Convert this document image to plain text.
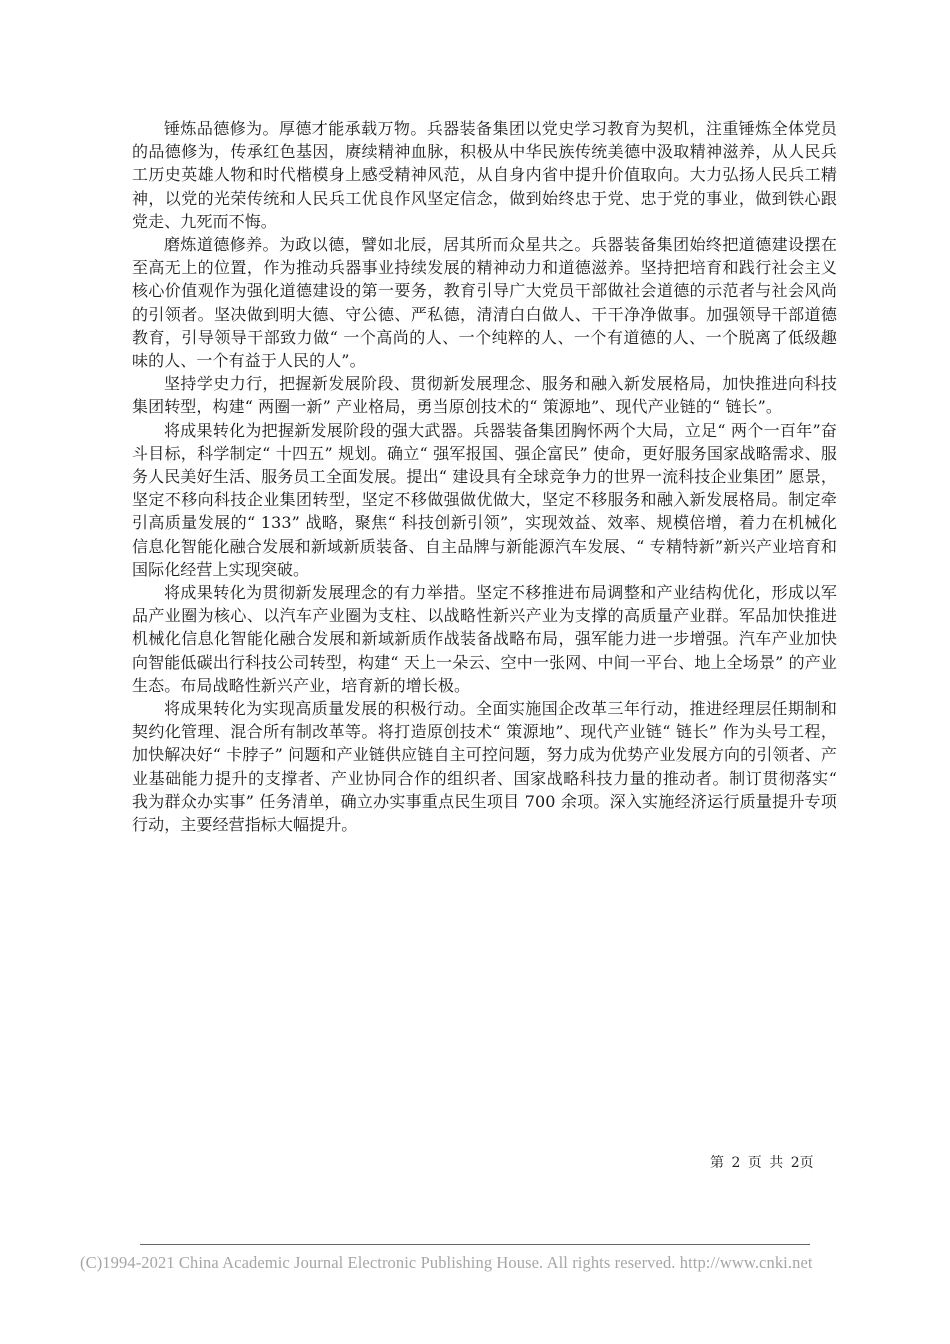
锤炼品德修为。厚德才能承载万物。兵器装备集团以党史学习教育为契机，注重锤炼全体党员的品德修为，传承红色基因，赓续精神血脉，积极从中华民族传统美德中汲取精神滋养，从人民兵工历史英雄人物和时代楷模身上感受精神风范，从自身内省中提升价值取向。大力弘扬人民兵工精神，以党的光荣传统和人民兵工优良作风坚定信念，做到始终忠于党、忠于党的事业，做到铁心跟党走、九死而不悔。

磨炼道德修养。为政以德，譬如北辰，居其所而众星共之。兵器装备集团始终把道德建设摆在至高无上的位置，作为推动兵器事业持续发展的精神动力和道德滋养。坚持把培育和践行社会主义核心价值观作为强化道德建设的第一要务，教育引导广大党员干部做社会道德的示范者与社会风尚的引领者。坚决做到明大德、守公德、严私德，清清白白做人、干干净净做事。加强领导干部道德教育，引导领导干部致力做“ 一个高尚的人、一个纯粹的人、一个有道德的人、一个脱离了低级趣味的人、一个有益于人民的人”。

坚持学史力行，把握新发展阶段、贯彻新发展理念、服务和融入新发展格局，加快推进向科技集团转型，构建“ 两圈一新” 产业格局，勇当原创技术的“ 策源地”、现代产业链的“ 链长”。

将成果转化为把握新发展阶段的强大武器。兵器装备集团胸怀两个大局，立足“ 两个一百年”奋斗目标，科学制定“ 十四五” 规划。确立“ 强军报国、强企富民” 使命，更好服务国家战略需求、服务人民美好生活、服务员工全面发展。提出“ 建设具有全球竞争力的世界一流科技企业集团” 愿景，坚定不移向科技企业集团转型，坚定不移做强做优做大，坚定不移服务和融入新发展格局。制定牵引高质量发展的“ 133” 战略，聚焦“ 科技创新引领”，实现效益、效率、规模倍增，着力在机械化信息化智能化融合发展和新域新质装备、自主品牌与新能源汽车发展、“ 专精特新”新兴产业培育和国际化经营上实现突破。

将成果转化为贯彻新发展理念的有力举措。坚定不移推进布局调整和产业结构优化，形成以军品产业圈为核心、以汽车产业圈为支柱、以战略性新兴产业为支撑的高质量产业群。军品加快推进机械化信息化智能化融合发展和新域新质作战装备战略布局，强军能力进一步增强。汽车产业加快向智能低碳出行科技公司转型，构建“ 天上一朵云、空中一张网、中间一平台、地上全场景” 的产业生态。布局战略性新兴产业，培育新的增长极。

将成果转化为实现高质量发展的积极行动。全面实施国企改革三年行动，推进经理层任期制和契约化管理、混合所有制改革等。将打造原创技术“ 策源地”、现代产业链“ 链长” 作为头号工程，加快解决好“ 卡脖子” 问题和产业链供应链自主可控问题，努力成为优势产业发展方向的引领者、产业基础能力提升的支撑者、产业协同合作的组织者、国家战略科技力量的推动者。制订贯彻落实“ 我为群众办实事” 任务清单，确立办实事重点民生项目 700 余项。深入实施经济运行质量提升专项行动，主要经营指标大幅提升。

第 2 页 共 2页
(C)1994-2021 China Academic Journal Electronic Publishing House. All rights reserved. http://www.cnki.net
